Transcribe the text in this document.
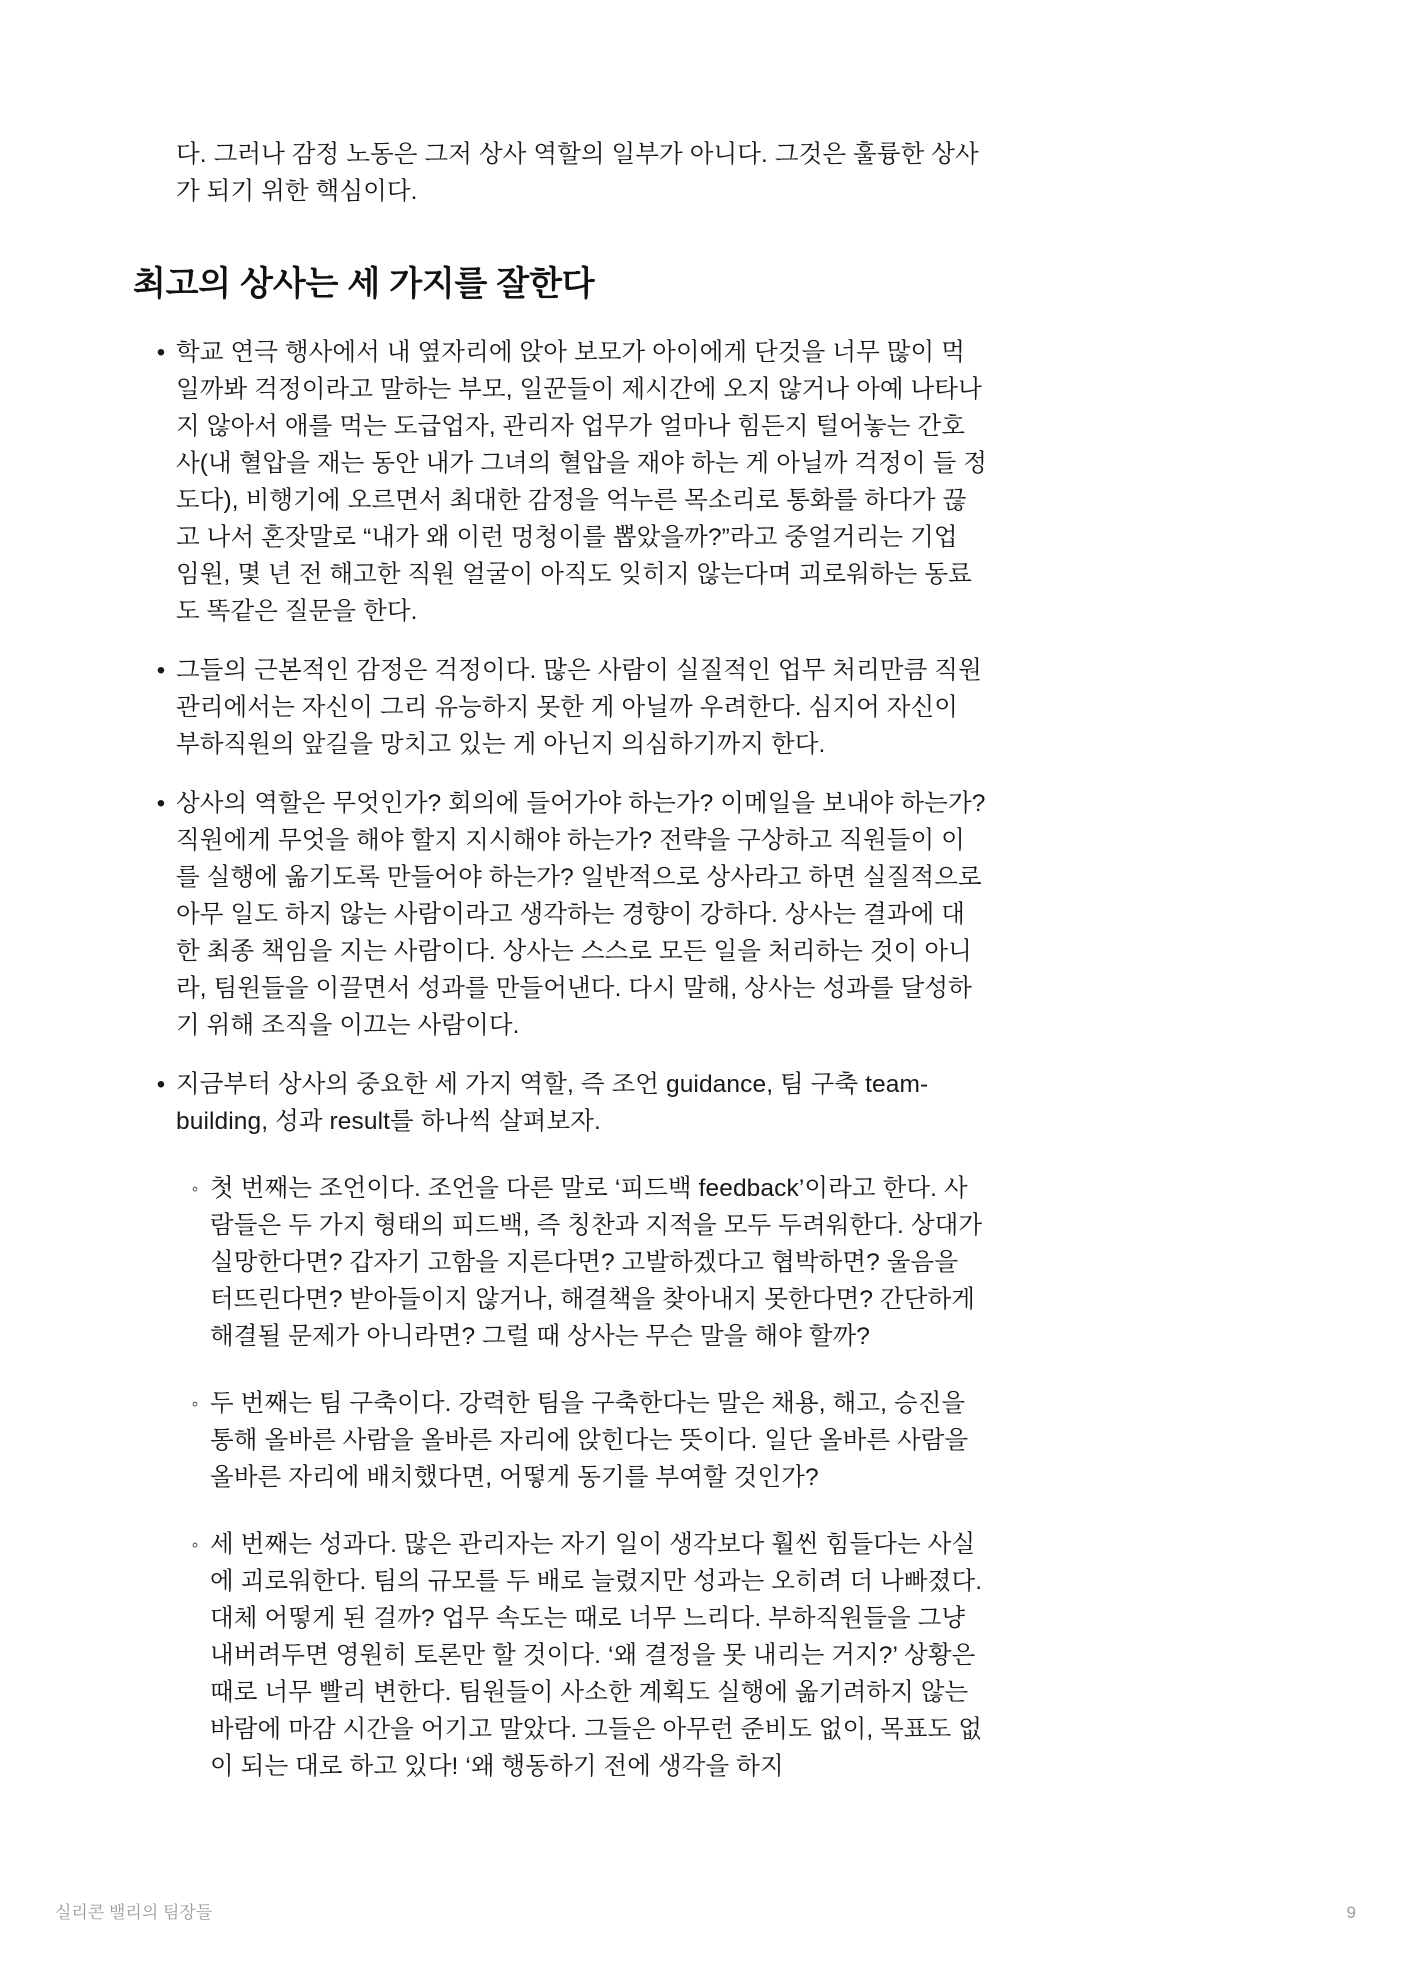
다. 그러나 감정 노동은 그저 상사 역할의 일부가 아니다. 그것은 훌륭한 상사가 되기 위한 핵심이다.

최고의 상사는 세 가지를 잘한다
• 학교 연극 행사에서 내 옆자리에 앉아 보모가 아이에게 단것을 너무 많이 먹일까봐 걱정이라고 말하는 부모, 일꾼들이 제시간에 오지 않거나 아예 나타나지 않아서 애를 먹는 도급업자, 관리자 업무가 얼마나 힘든지 털어놓는 간호사(내 혈압을 재는 동안 내가 그녀의 혈압을 재야 하는 게 아닐까 걱정이 들 정도다), 비행기에 오르면서 최대한 감정을 억누른 목소리로 통화를 하다가 끊고 나서 혼잣말로 “내가 왜 이런 멍청이를 뽑았을까?”라고 중얼거리는 기업 임원, 몇 년 전 해고한 직원 얼굴이 아직도 잊히지 않는다며 괴로워하는 동료도 똑같은 질문을 한다.

• 그들의 근본적인 감정은 걱정이다. 많은 사람이 실질적인 업무 처리만큼 직원 관리에서는 자신이 그리 유능하지 못한 게 아닐까 우려한다. 심지어 자신이 부하직원의 앞길을 망치고 있는 게 아닌지 의심하기까지 한다.

• 상사의 역할은 무엇인가? 회의에 들어가야 하는가? 이메일을 보내야 하는가? 직원에게 무엇을 해야 할지 지시해야 하는가? 전략을 구상하고 직원들이 이를 실행에 옮기도록 만들어야 하는가? 일반적으로 상사라고 하면 실질적으로 아무 일도 하지 않는 사람이라고 생각하는 경향이 강하다. 상사는 결과에 대한 최종 책임을 지는 사람이다. 상사는 스스로 모든 일을 처리하는 것이 아니라, 팀원들을 이끌면서 성과를 만들어낸다. 다시 말해, 상사는 성과를 달성하기 위해 조직을 이끄는 사람이다.

• 지금부터 상사의 중요한 세 가지 역할, 즉 조언 guidance, 팀 구축 team-building, 성과 result를 하나씩 살펴보자.

◦ 첫 번째는 조언이다. 조언을 다른 말로 ‘피드백 feedback’이라고 한다. 사람들은 두 가지 형태의 피드백, 즉 칭찬과 지적을 모두 두려워한다. 상대가 실망한다면? 갑자기 고함을 지른다면? 고발하겠다고 협박하면? 울음을 터뜨린다면? 받아들이지 않거나, 해결책을 찾아내지 못한다면? 간단하게 해결될 문제가 아니라면? 그럴 때 상사는 무슨 말을 해야 할까?

◦ 두 번째는 팀 구축이다. 강력한 팀을 구축한다는 말은 채용, 해고, 승진을 통해 올바른 사람을 올바른 자리에 앉힌다는 뜻이다. 일단 올바른 사람을 올바른 자리에 배치했다면, 어떻게 동기를 부여할 것인가?

◦ 세 번째는 성과다. 많은 관리자는 자기 일이 생각보다 훨씬 힘들다는 사실에 괴로워한다. 팀의 규모를 두 배로 늘렸지만 성과는 오히려 더 나빠졌다. 대체 어떻게 된 걸까? 업무 속도는 때로 너무 느리다. 부하직원들을 그냥 내버려두면 영원히 토론만 할 것이다. ‘왜 결정을 못 내리는 거지?’ 상황은 때로 너무 빨리 변한다. 팀원들이 사소한 계획도 실행에 옮기려하지 않는 바람에 마감 시간을 어기고 말았다. 그들은 아무런 준비도 없이, 목표도 없이 되는 대로 하고 있다! ‘왜 행동하기 전에 생각을 하지

실리콘 밸리의 팀장들	9
